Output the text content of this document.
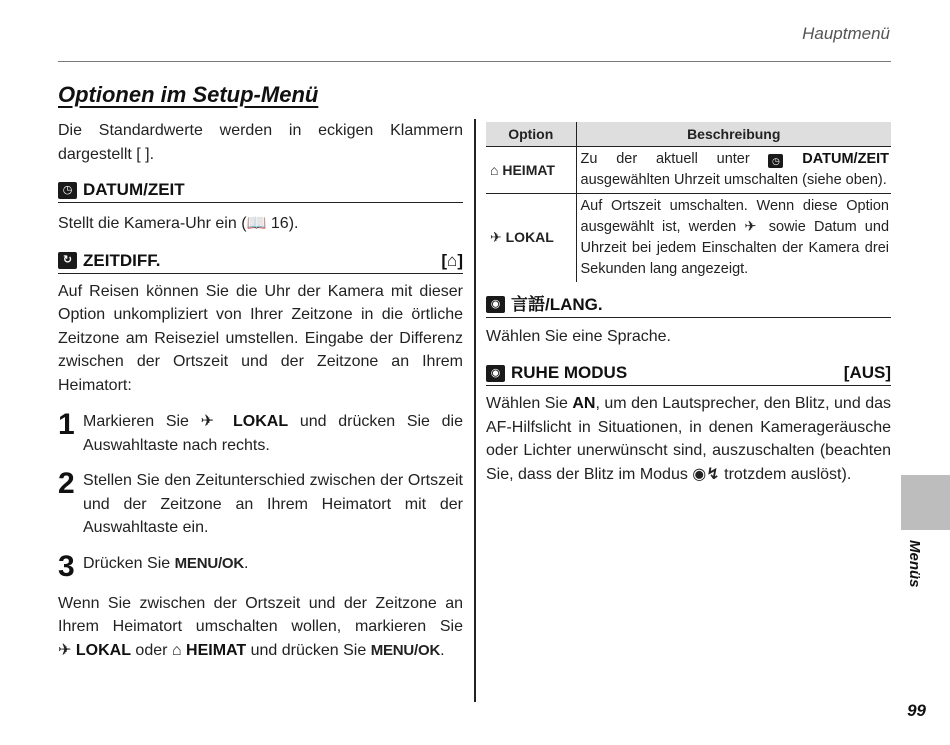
Hauptmenü
Optionen im Setup-Menü

Die Standardwerte werden in eckigen Klammern dargestellt [ ].

◷ DATUM/ZEIT

Stellt die Kamera-Uhr ein (📖 16).

↻ ZEITDIFF.	[⌂]

Auf Reisen können Sie die Uhr der Kamera mit dieser Option unkompliziert von Ihrer Zeitzone in die örtliche Zeitzone am Reiseziel umstellen. Eingabe der Differenz zwischen der Ortszeit und der Zeitzone an Ihrem Heimatort:

1 Markieren Sie ✈ LOKAL und drücken Sie die Auswahltaste nach rechts.
2 Stellen Sie den Zeitunterschied zwischen der Ortszeit und der Zeitzone an Ihrem Heimatort mit der Auswahltaste ein.
3 Drücken Sie MENU/OK.

Wenn Sie zwischen der Ortszeit und der Zeitzone an Ihrem Heimatort umschalten wollen, markieren Sie ✈ LOKAL oder ⌂ HEIMAT und drücken Sie MENU/OK.

Option	Beschreibung
⌂ HEIMAT	Zu der aktuell unter ◷ DATUM/ZEIT ausgewählten Uhrzeit umschalten (siehe oben).
✈ LOKAL	Auf Ortszeit umschalten. Wenn diese Option ausgewählt ist, werden ✈ sowie Datum und Uhrzeit bei jedem Einschalten der Kamera drei Sekunden lang angezeigt.
◉ 言語/LANG.

Wählen Sie eine Sprache.

◉ RUHE MODUS	[AUS]

Wählen Sie AN, um den Lautsprecher, den Blitz, und das AF-Hilfslicht in Situationen, in denen Kamerageräusche oder Lichter unerwünscht sind, auszuschalten (beachten Sie, dass der Blitz im Modus ◉↯ trotzdem auslöst).

Menüs
99
